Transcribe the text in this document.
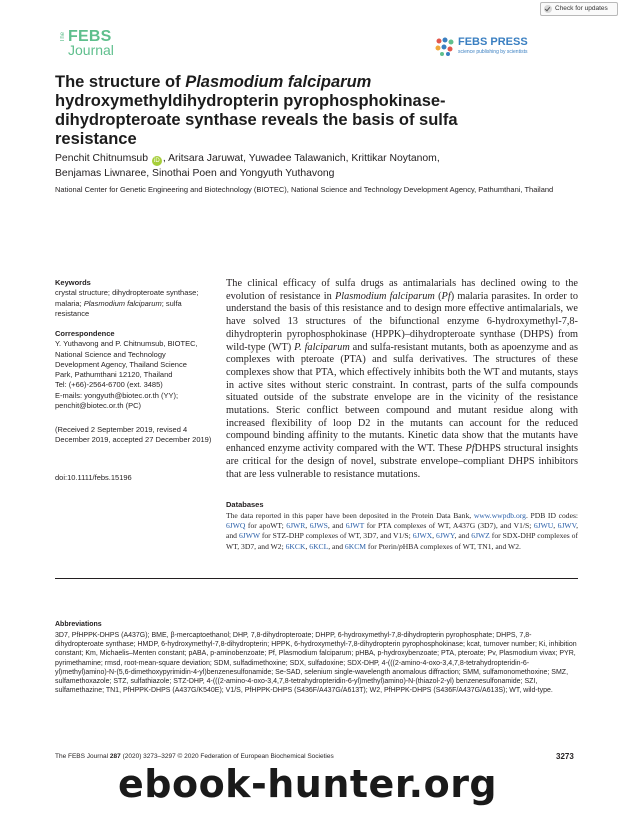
Check for updates
The FEBS
Journal	FEBS PRESS
science publishing by scientists
The structure of Plasmodium falciparum
hydroxymethyldihydropterin pyrophosphokinase-
dihydropteroate synthase reveals the basis of sulfa
resistance
Penchit Chitnumsub iD , Aritsara Jaruwat, Yuwadee Talawanich, Krittikar Noytanom,
Benjamas Liwnaree, Sinothai Poen and Yongyuth Yuthavong
National Center for Genetic Engineering and Biotechnology (BIOTEC), National Science and Technology Development Agency, Pathumthani, Thailand
Keywords
crystal structure; dihydropteroate synthase; malaria; Plasmodium falciparum; sulfa resistance
Correspondence
Y. Yuthavong and P. Chitnumsub, BIOTEC,
National Science and Technology
Development Agency, Thailand Science
Park, Pathumthani 12120, Thailand
Tel: (+66)-2564-6700 (ext. 3485)
E-mails: yongyuth@biotec.or.th (YY);
penchit@biotec.or.th (PC)
(Received 2 September 2019, revised 4 December 2019, accepted 27 December 2019)
doi:10.1111/febs.15196
The clinical efficacy of sulfa drugs as antimalarials has declined owing to the evolution of resistance in Plasmodium falciparum (Pf) malaria parasites. In order to understand the basis of this resistance and to design more effective antimalarials, we have solved 13 structures of the bifunctional enzyme 6-hydroxymethyl-7,8-dihydropterin pyrophosphokinase (HPPK)–dihydropteroate synthase (DHPS) from wild-type (WT) P. falciparum and sulfa-resistant mutants, both as apoenzyme and as complexes with pteroate (PTA) and sulfa derivatives. The structures of these complexes show that PTA, which effectively inhibits both the WT and mutants, stays in active sites without steric constraint. In contrast, parts of the sulfa compounds situated outside of the substrate envelope are in the vicinity of the resistance mutations. Steric conflict between compound and mutant residue along with increased flexibility of loop D2 in the mutants can account for the reduced compound binding affinity to the mutants. Kinetic data show that the mutants have enhanced enzyme activity compared with the WT. These PfDHPS structural insights are critical for the design of novel, substrate envelope–compliant DHPS inhibitors that are less vulnerable to resistance mutations.
Databases
The data reported in this paper have been deposited in the Protein Data Bank, www.wwpdb.org. PDB ID codes: 6JWQ for apoWT; 6JWR, 6JWS, and 6JWT for PTA complexes of WT, A437G (3D7), and V1/S; 6JWU, 6JWV, and 6JWW for STZ-DHP complexes of WT, 3D7, and V1/S; 6JWX, 6JWY, and 6JWZ for SDX-DHP complexes of WT, 3D7, and W2; 6KCK, 6KCL, and 6KCM for Pterin/pHBA complexes of WT, TN1, and W2.
Abbreviations
3D7, PfHPPK-DHPS (A437G); BME, β-mercaptoethanol; DHP, 7,8-dihydropteroate; DHPP, 6-hydroxymethyl-7,8-dihydropterin pyrophosphate; DHPS, 7,8-dihydropteroate synthase; HMDP, 6-hydroxymethyl-7,8-dihydropterin; HPPK, 6-hydroxymethyl-7,8-dihydropterin pyrophosphokinase; kcat, turnover number; Ki, inhibition constant; Km, Michaelis–Menten constant; pABA, p-aminobenzoate; Pf, Plasmodium falciparum; pHBA, p-hydroxybenzoate; PTA, pteroate; Pv, Plasmodium vivax; PYR, pyrimethamine; rmsd, root-mean-square deviation; SDM, sulfadimethoxine; SDX, sulfadoxine; SDX-DHP, 4-(((2-amino-4-oxo-3,4,7,8-tetrahydropteridin-6-yl)methyl)amino)-N-(5,6-dimethoxypyrimidin-4-yl)benzenesulfonamide; Se-SAD, selenium single-wavelength anomalous diffraction; SMM, sulfamonomethoxine; SMZ, sulfamethoxazole; STZ, sulfathiazole; STZ-DHP, 4-(((2-amino-4-oxo-3,4,7,8-tetrahydropteridin-6-yl)methyl)amino)-N-(thiazol-2-yl) benzenesulfonamide; SZI, sulfamethazine; TN1, PfHPPK-DHPS (A437G/K540E); V1/S, PfHPPK-DHPS (S436F/A437G/A613T); W2, PfHPPK-DHPS (S436F/A437G/A613S); WT, wild-type.
The FEBS Journal 287 (2020) 3273–3297 © 2020 Federation of European Biochemical Societies	3273
ebook-hunter.org
